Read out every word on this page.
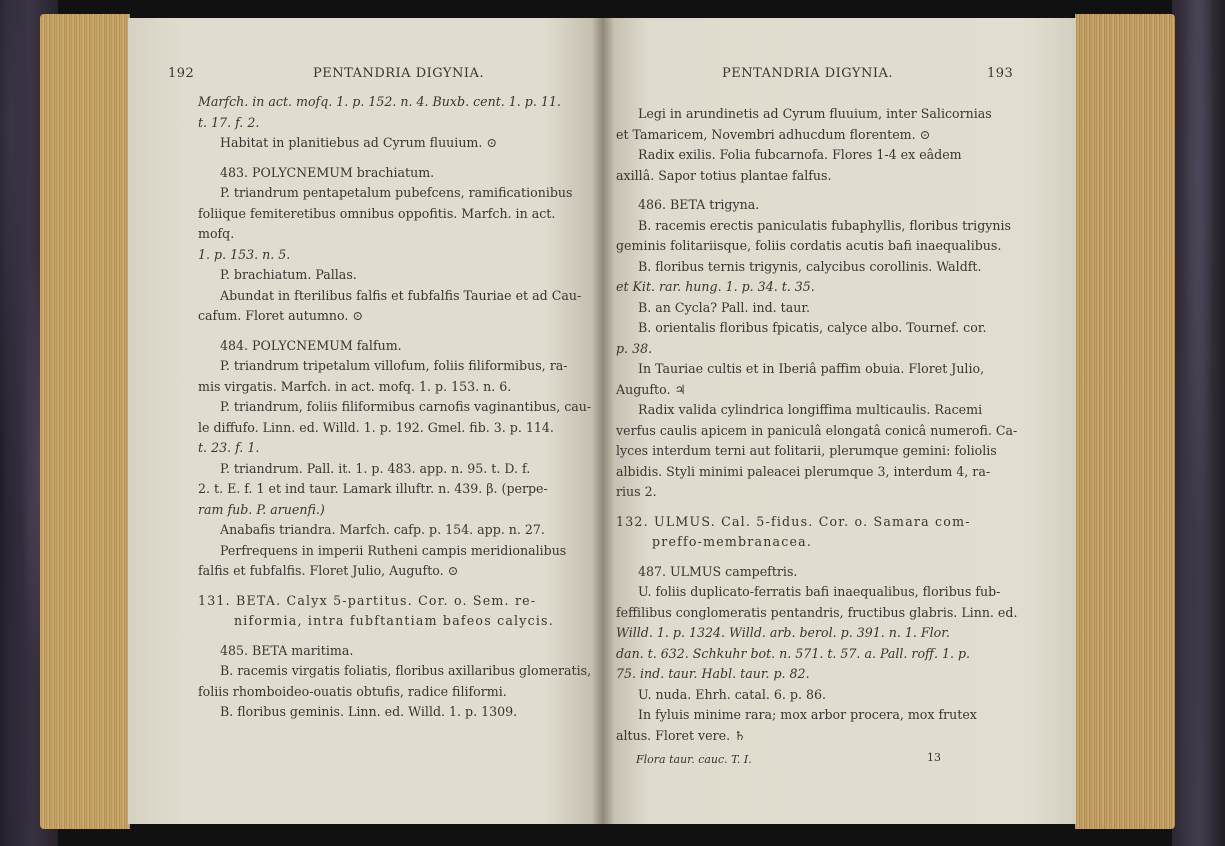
192	PENTANDRIA DIGYNIA.

Marfch. in act. mofq. 1. p. 152. n. 4. Buxb. cent. 1. p. 11.

t. 17. f. 2.

Habitat in planitiebus ad Cyrum fluuium. ⊙

483. POLYCNEMUM brachiatum.

P. triandrum pentapetalum pubefcens, ramificationibus

foliique femiteretibus omnibus oppofitis. Marfch. in act. mofq.

1. p. 153. n. 5.

P. brachiatum. Pallas.

Abundat in fterilibus falfis et fubfalfis Tauriae et ad Cau-

cafum. Floret autumno. ⊙

484. POLYCNEMUM falfum.

P. triandrum tripetalum villofum, foliis filiformibus, ra-

mis virgatis. Marfch. in act. mofq. 1. p. 153. n. 6.

P. triandrum, foliis filiformibus carnofis vaginantibus, cau-

le diffufo. Linn. ed. Willd. 1. p. 192. Gmel. fib. 3. p. 114.

t. 23. f. 1.

P. triandrum. Pall. it. 1. p. 483. app. n. 95. t. D. f.

2. t. E. f. 1 et ind taur. Lamark illuftr. n. 439. β. (perpe-

ram fub. P. aruenfi.)

Anabafis triandra. Marfch. cafp. p. 154. app. n. 27.

Perfrequens in imperii Rutheni campis meridionalibus

falfis et fubfalfis. Floret Julio, Augufto. ⊙

131. BETA. Calyx 5-partitus. Cor. o. Sem. re-

niformia, intra fubftantiam bafeos calycis.

485. BETA maritima.

B. racemis virgatis foliatis, floribus axillaribus glomeratis,

foliis rhomboideo-ouatis obtufis, radice filiformi.

B. floribus geminis. Linn. ed. Willd. 1. p. 1309.

PENTANDRIA DIGYNIA.	193

Legi in arundinetis ad Cyrum fluuium, inter Salicornias

et Tamaricem, Novembri adhucdum florentem. ⊙

Radix exilis. Folia fubcarnofa. Flores 1-4 ex eâdem

axillâ. Sapor totius plantae falfus.

486. BETA trigyna.

B. racemis erectis paniculatis fubaphyllis, floribus trigynis

geminis folitariisque, foliis cordatis acutis bafi inaequalibus.

B. floribus ternis trigynis, calycibus corollinis. Waldft.

et Kit. rar. hung. 1. p. 34. t. 35.

B. an Cycla? Pall. ind. taur.

B. orientalis floribus fpicatis, calyce albo. Tournef. cor.

p. 38.

In Tauriae cultis et in Iberiâ paffim obuia. Floret Julio,

Augufto. ♃

Radix valida cylindrica longiffima multicaulis. Racemi

verfus caulis apicem in paniculâ elongatâ conicâ numerofi. Ca-

lyces interdum terni aut folitarii, plerumque gemini: foliolis

albidis. Styli minimi paleacei plerumque 3, interdum 4, ra-

rius 2.

132. ULMUS. Cal. 5-fidus. Cor. o. Samara com-

preffo-membranacea.

487. ULMUS campeftris.

U. foliis duplicato-ferratis bafi inaequalibus, floribus fub-

feffilibus conglomeratis pentandris, fructibus glabris. Linn. ed.

Willd. 1. p. 1324. Willd. arb. berol. p. 391. n. 1. Flor.

dan. t. 632. Schkuhr bot. n. 571. t. 57. a. Pall. roff. 1. p.

75. ind. taur. Habl. taur. p. 82.

U. nuda. Ehrh. catal. 6. p. 86.

In fyluis minime rara; mox arbor procera, mox frutex

altus. Floret vere. ♄

Flora taur. cauc. T. I.	13
